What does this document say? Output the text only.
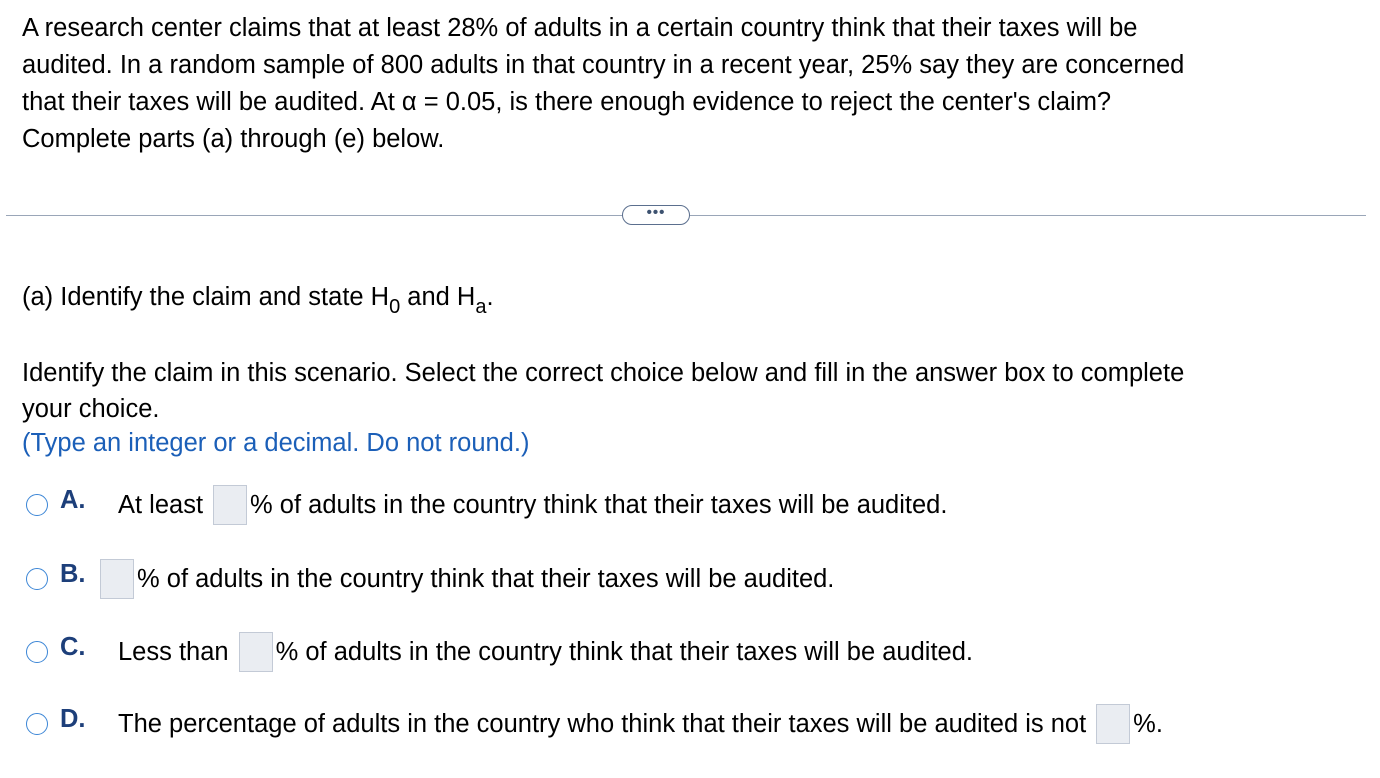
A research center claims that at least 28% of adults in a certain country think that their taxes will be

audited. In a random sample of 800 adults in that country in a recent year, 25% say they are concerned

that their taxes will be audited. At α = 0.05, is there enough evidence to reject the center's claim?

Complete parts (a) through (e) below.

•••
(a) Identify the claim and state $H_0$ and $H_a$.

Identify the claim in this scenario. Select the correct choice below and fill in the answer box to complete

your choice.

(Type an integer or a decimal. Do not round.)
A.	At least % of adults in the country think that their taxes will be audited.
B.	% of adults in the country think that their taxes will be audited.
C.	Less than % of adults in the country think that their taxes will be audited.
D.	The percentage of adults in the country who think that their taxes will be audited is not %.
